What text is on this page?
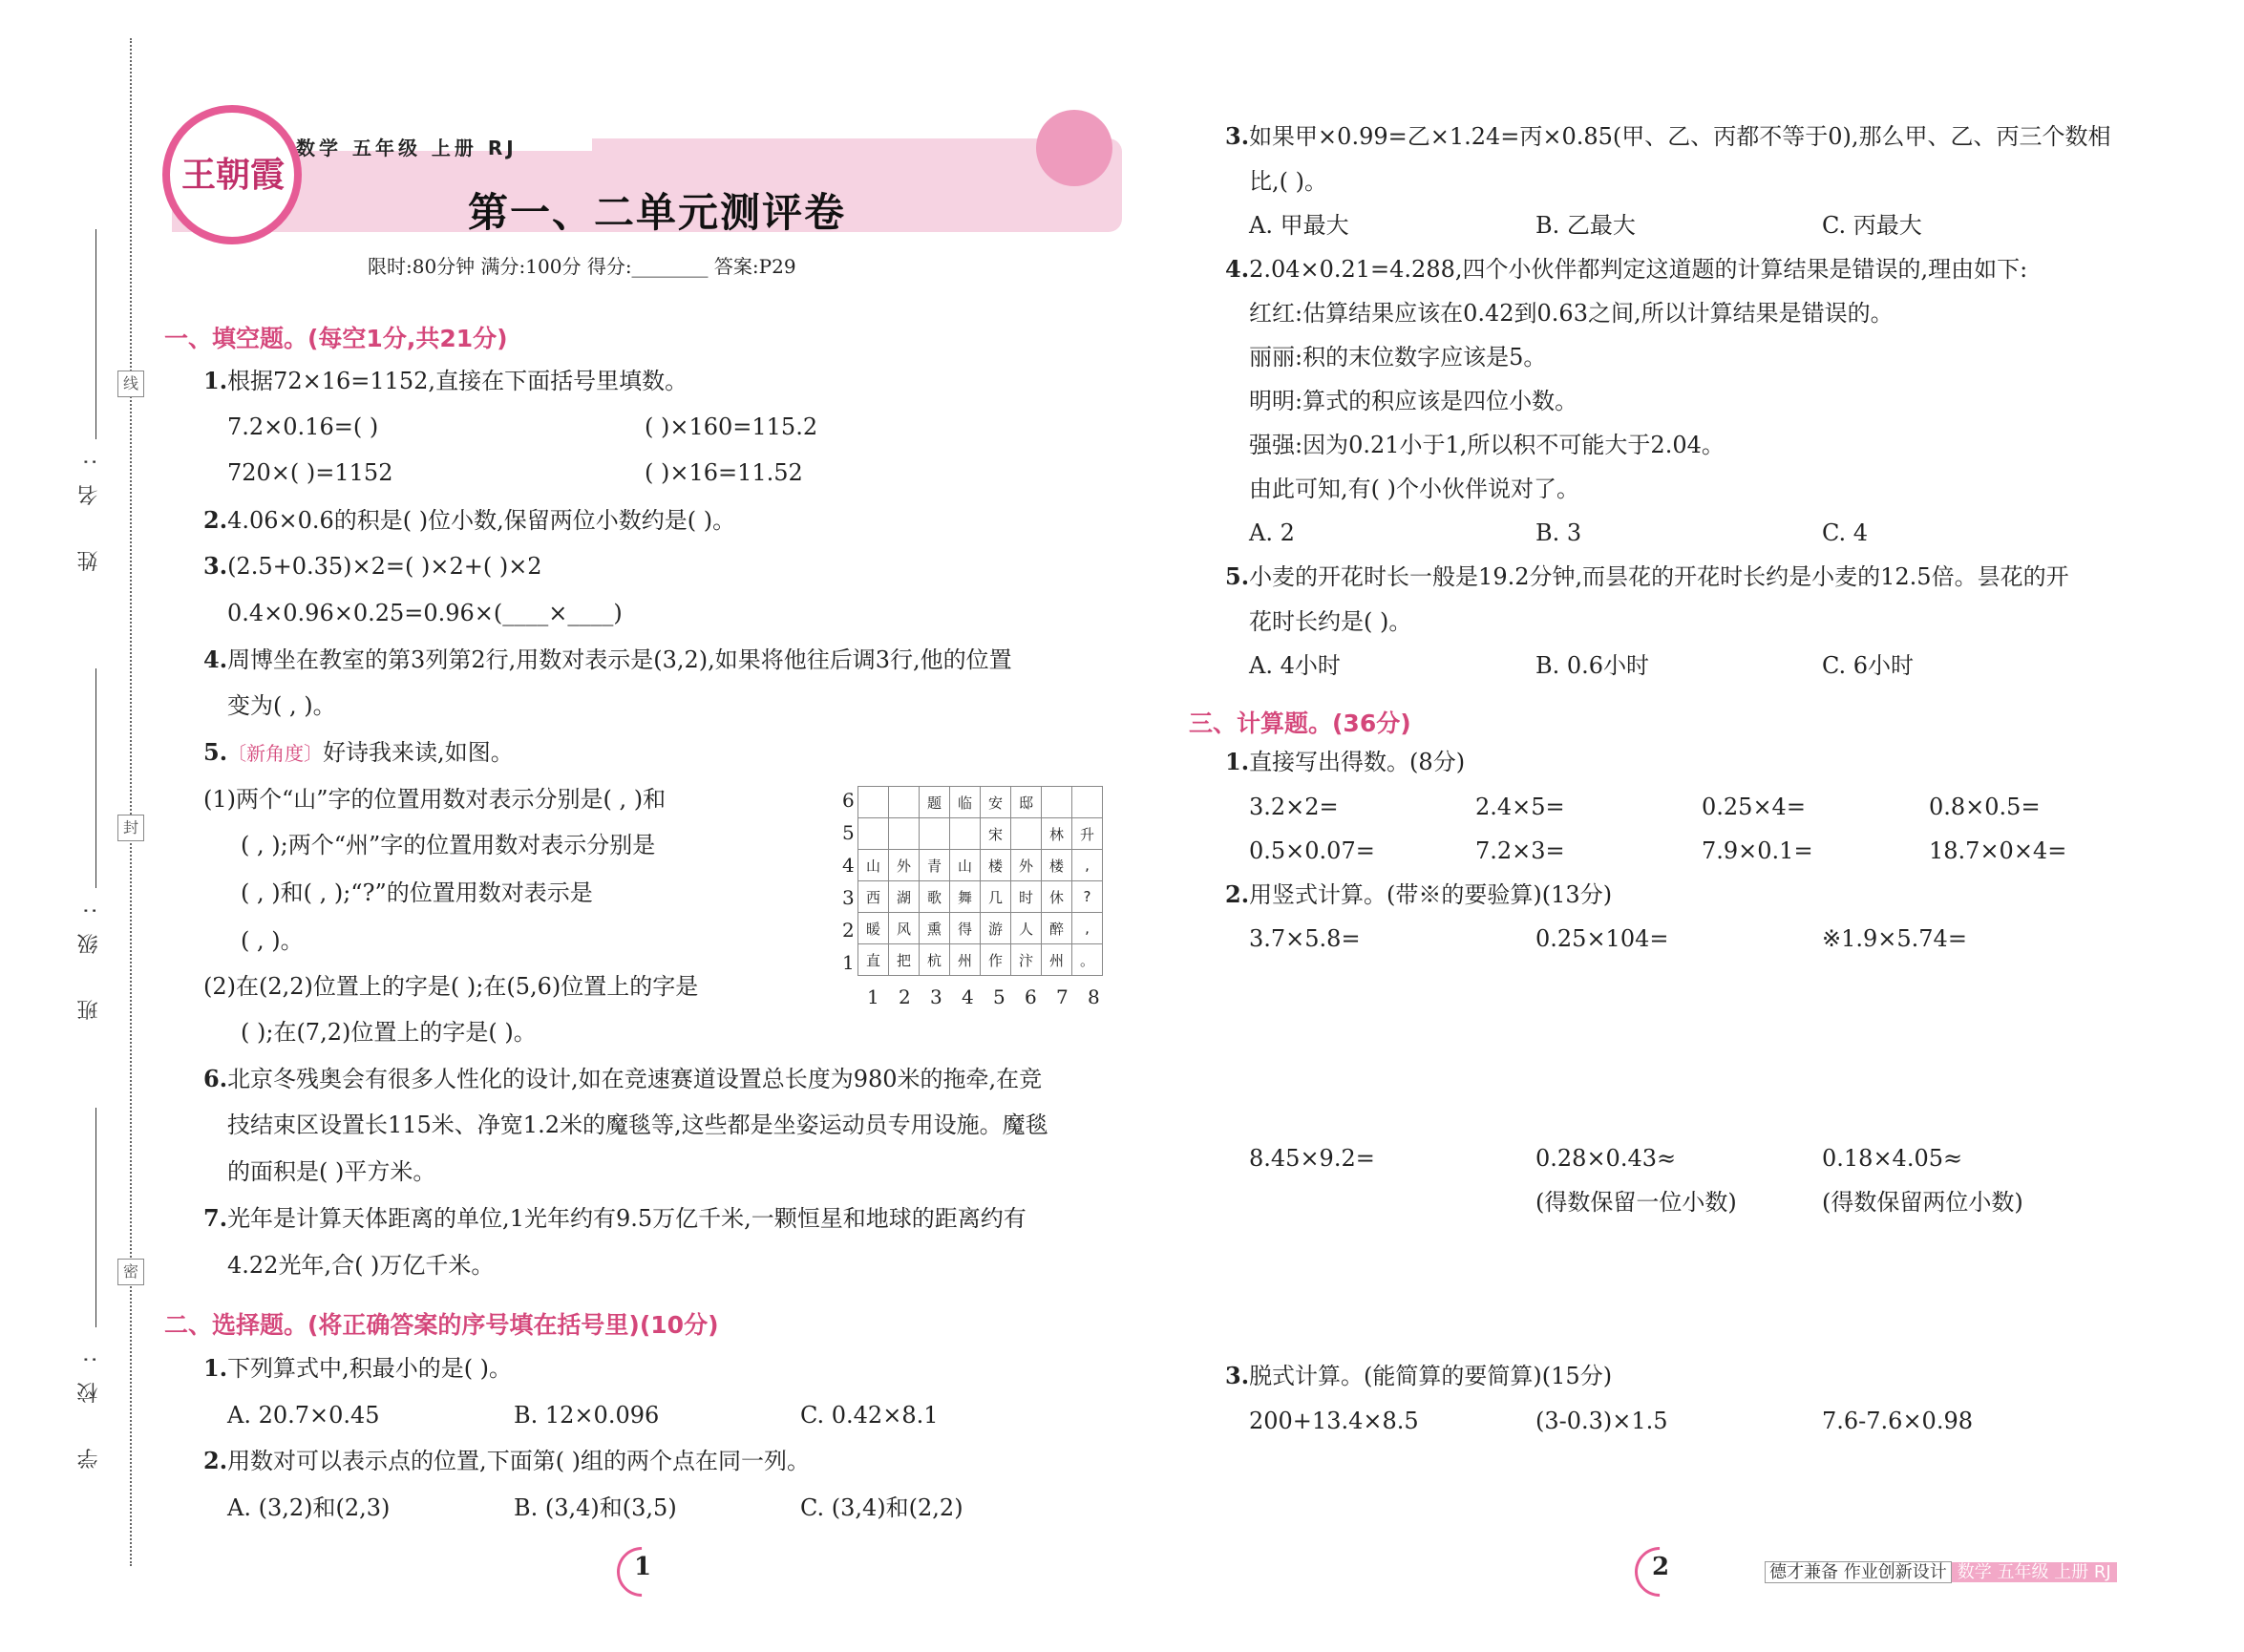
线
封
密
姓 名:
班 级:
学 校:
数学 五年级 上册 RJ
王朝霞
第一、二单元测评卷
限时:80分钟 满分:100分 得分:________ 答案:P29
一、填空题。(每空1分,共21分)
1.根据72×16=1152,直接在下面括号里填数。
7.2×0.16=( )	( )×160=115.2
720×( )=1152	( )×16=11.52
2.4.06×0.6的积是( )位小数,保留两位小数约是( )。
3.(2.5+0.35)×2=( )×2+( )×2
0.4×0.96×0.25=0.96×(____×____)
4.周博坐在教室的第3列第2行,用数对表示是(3,2),如果将他往后调3行,他的位置
变为( , )。
5.〔新角度〕好诗我来读,如图。
(1)两个“山”字的位置用数对表示分别是( , )和
( , );两个“州”字的位置用数对表示分别是
( , )和( , );“?”的位置用数对表示是
( , )。
(2)在(2,2)位置上的字是( );在(5,6)位置上的字是
( );在(7,2)位置上的字是( )。
		题	临	安	邸		
				宋		林	升
山	外	青	山	楼	外	楼	,
西	湖	歌	舞	几	时	休	?
暖	风	熏	得	游	人	醉	,
直	把	杭	州	作	汴	州	。
6
5
4
3
2
1
1 2 3 4 5 6 7 8
6.北京冬残奥会有很多人性化的设计,如在竞速赛道设置总长度为980米的拖牵,在竞
技结束区设置长115米、净宽1.2米的魔毯等,这些都是坐姿运动员专用设施。魔毯
的面积是( )平方米。
7.光年是计算天体距离的单位,1光年约有9.5万亿千米,一颗恒星和地球的距离约有
4.22光年,合( )万亿千米。
二、选择题。(将正确答案的序号填在括号里)(10分)
1.下列算式中,积最小的是( )。
A. 20.7×0.45	B. 12×0.096	C. 0.42×8.1
2.用数对可以表示点的位置,下面第( )组的两个点在同一列。
A. (3,2)和(2,3)	B. (3,4)和(3,5)	C. (3,4)和(2,2)
3.如果甲×0.99=乙×1.24=丙×0.85(甲、乙、丙都不等于0),那么甲、乙、丙三个数相
比,( )。
A. 甲最大	B. 乙最大	C. 丙最大
4.2.04×0.21=4.288,四个小伙伴都判定这道题的计算结果是错误的,理由如下:
红红:估算结果应该在0.42到0.63之间,所以计算结果是错误的。
丽丽:积的末位数字应该是5。
明明:算式的积应该是四位小数。
强强:因为0.21小于1,所以积不可能大于2.04。
由此可知,有( )个小伙伴说对了。
A. 2	B. 3	C. 4
5.小麦的开花时长一般是19.2分钟,而昙花的开花时长约是小麦的12.5倍。昙花的开
花时长约是( )。
A. 4小时	B. 0.6小时	C. 6小时
三、计算题。(36分)
1.直接写出得数。(8分)
3.2×2=	2.4×5=	0.25×4=	0.8×0.5=
0.5×0.07=	7.2×3=	7.9×0.1=	18.7×0×4=
2.用竖式计算。(带※的要验算)(13分)
3.7×5.8=	0.25×104=	※1.9×5.74=
8.45×9.2=	0.28×0.43≈	0.18×4.05≈
(得数保留一位小数)	(得数保留两位小数)
3.脱式计算。(能简算的要简算)(15分)
200+13.4×8.5	(3-0.3)×1.5	7.6-7.6×0.98
1	2	德才兼备 作业创新设计 数学 五年级 上册 RJ
